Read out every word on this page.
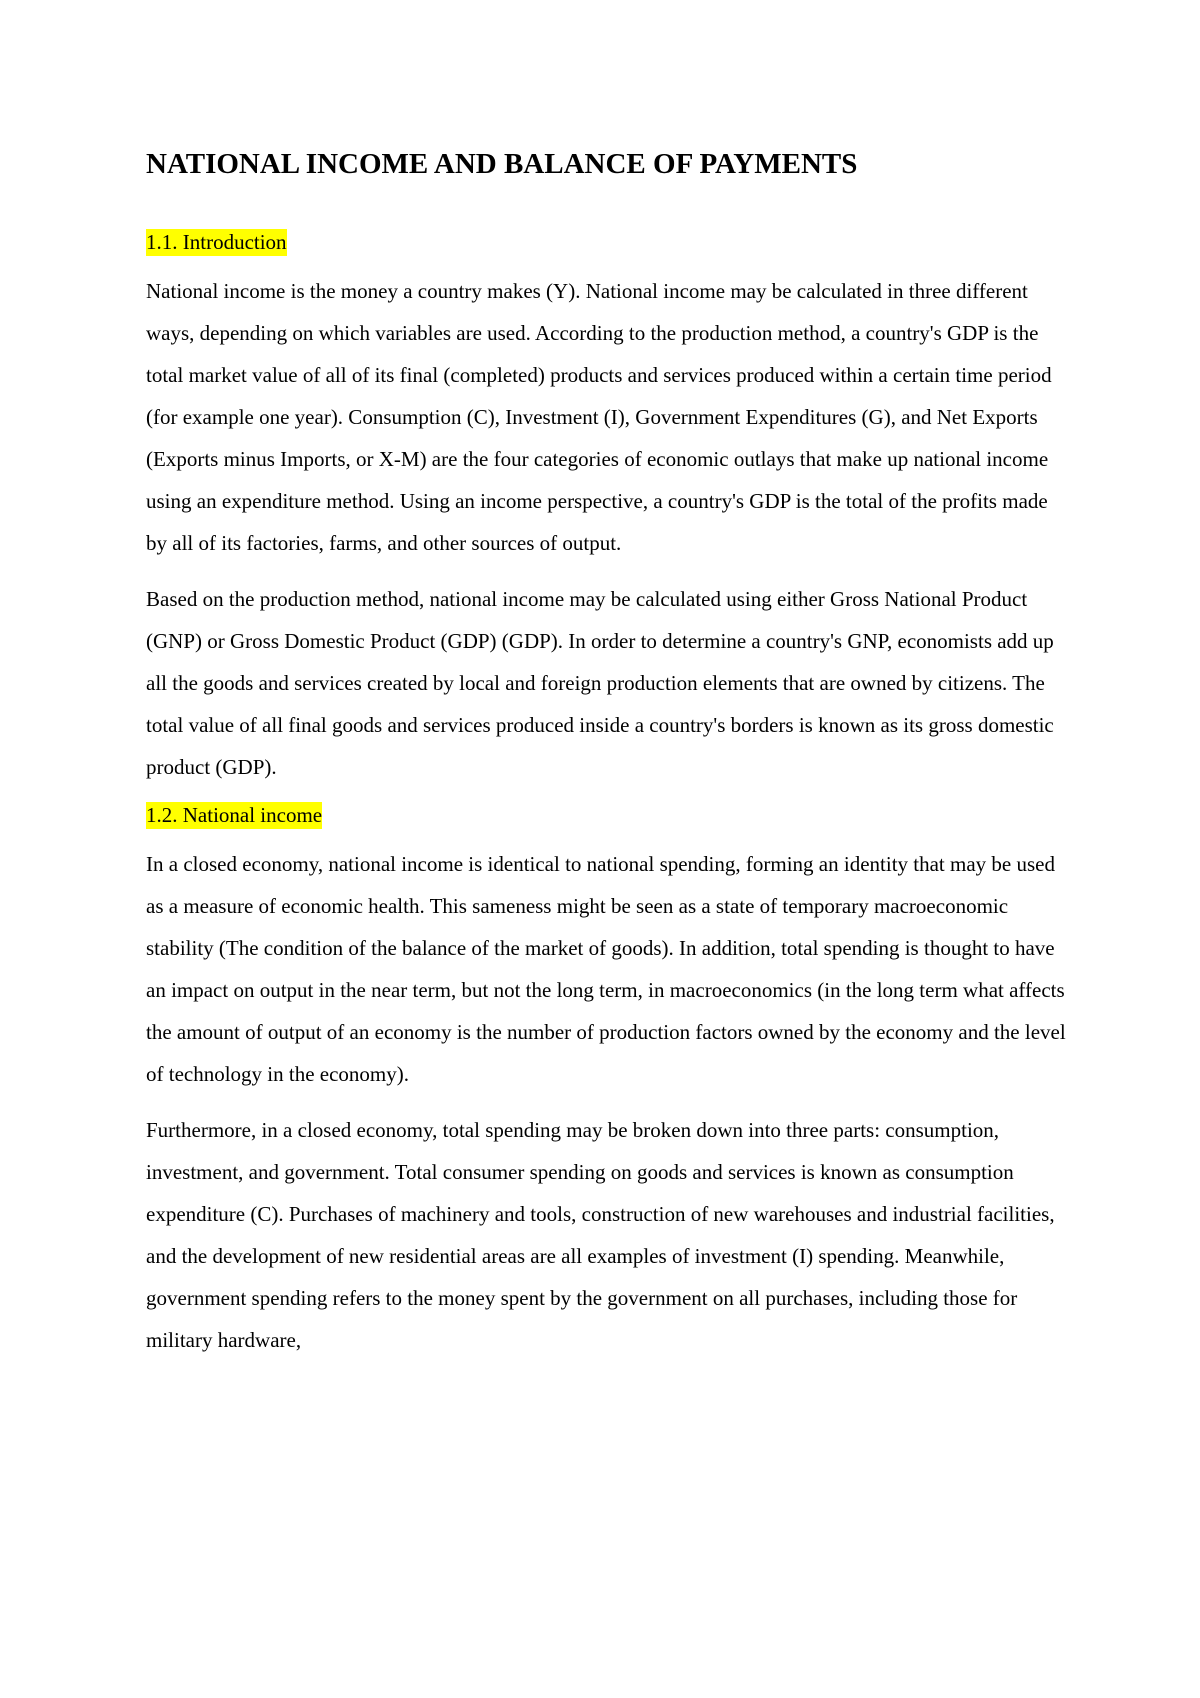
NATIONAL INCOME AND BALANCE OF PAYMENTS
1.1. Introduction

National income is the money a country makes (Y). National income may be calculated in three different ways, depending on which variables are used. According to the production method, a country's GDP is the total market value of all of its final (completed) products and services produced within a certain time period (for example one year). Consumption (C), Investment (I), Government Expenditures (G), and Net Exports (Exports minus Imports, or X-M) are the four categories of economic outlays that make up national income using an expenditure method. Using an income perspective, a country's GDP is the total of the profits made by all of its factories, farms, and other sources of output.

Based on the production method, national income may be calculated using either Gross National Product (GNP) or Gross Domestic Product (GDP) (GDP). In order to determine a country's GNP, economists add up all the goods and services created by local and foreign production elements that are owned by citizens. The total value of all final goods and services produced inside a country's borders is known as its gross domestic product (GDP).

1.2. National income

In a closed economy, national income is identical to national spending, forming an identity that may be used as a measure of economic health. This sameness might be seen as a state of temporary macroeconomic stability (The condition of the balance of the market of goods). In addition, total spending is thought to have an impact on output in the near term, but not the long term, in macroeconomics (in the long term what affects the amount of output of an economy is the number of production factors owned by the economy and the level of technology in the economy).

Furthermore, in a closed economy, total spending may be broken down into three parts: consumption, investment, and government. Total consumer spending on goods and services is known as consumption expenditure (C). Purchases of machinery and tools, construction of new warehouses and industrial facilities, and the development of new residential areas are all examples of investment (I) spending. Meanwhile, government spending refers to the money spent by the government on all purchases, including those for military hardware,
